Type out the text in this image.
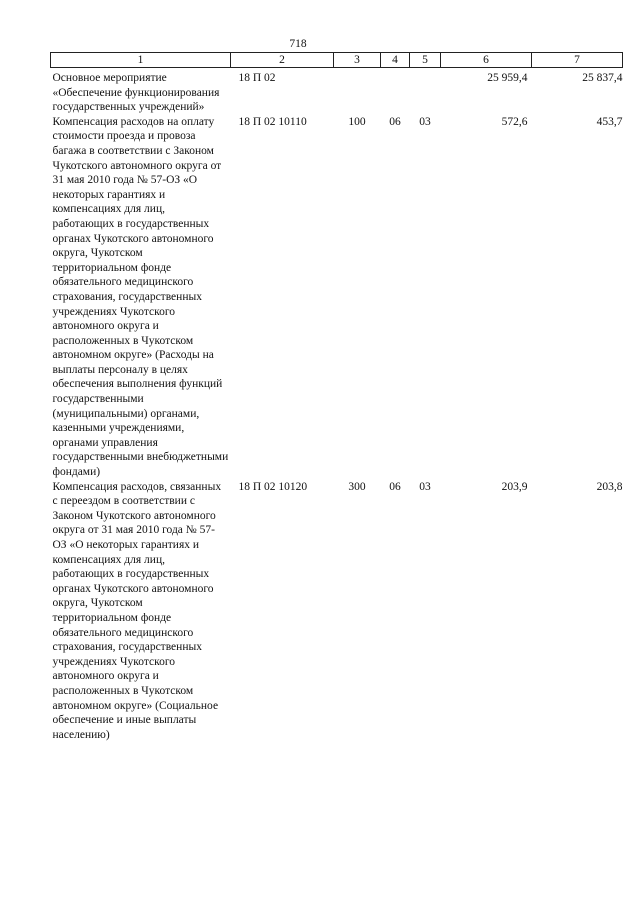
718
1	2	3	4	5	6	7
Основное мероприятие «Обеспечение функционирования государственных учреждений»	18 П 02				25 959,4	25 837,4
Компенсация расходов на оплату стоимости проезда и провоза багажа в соответствии с Законом Чукотского автономного округа от 31 мая 2010 года № 57-ОЗ «О некоторых гарантиях и компенсациях для лиц, работающих в государственных органах Чукотского автономного округа, Чукотском территориальном фонде обязательного медицинского страхования, государственных учреждениях Чукотского автономного округа и расположенных в Чукотском автономном округе» (Расходы на выплаты персоналу в целях обеспечения выполнения функций государственными (муниципальными) органами, казенными учреждениями, органами управления государственными внебюджетными фондами)	18 П 02 10110	100	06	03	572,6	453,7
Компенсация расходов, связанных с переездом в соответствии с Законом Чукотского автономного округа от 31 мая 2010 года № 57-ОЗ «О некоторых гарантиях и компенсациях для лиц, работающих в государственных органах Чукотского автономного округа, Чукотском территориальном фонде обязательного медицинского страхования, государственных учреждениях Чукотского автономного округа и расположенных в Чукотском автономном округе» (Социальное обеспечение и иные выплаты населению)	18 П 02 10120	300	06	03	203,9	203,8
